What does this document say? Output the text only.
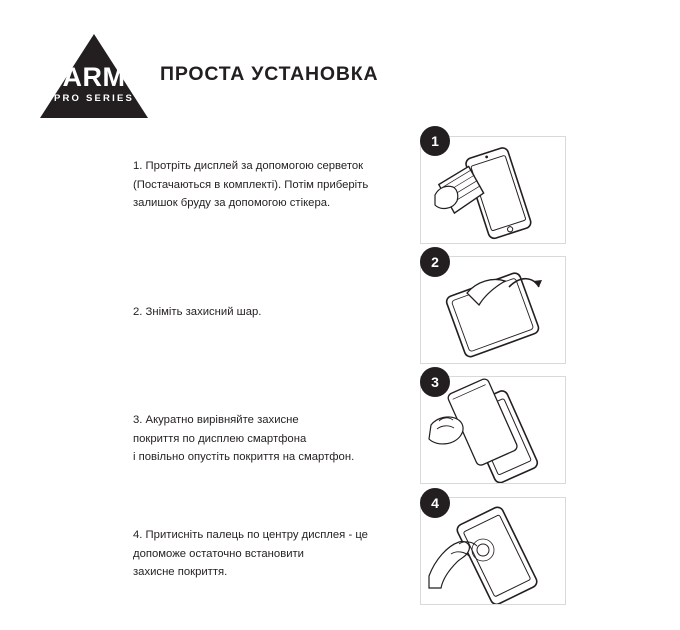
ARM
PRO SERIES
ПРОСТА УСТАНОВКА
1. Протріть дисплей за допомогою серветок
(Постачаються в комплекті). Потім приберіть
залишок бруду за допомогою стікера.
1
2. Зніміть захисний шар.
2
3. Акуратно вирівняйте захисне
покриття по дисплею смартфона
і повільно опустіть покриття на смартфон.
3
4. Притисніть палець по центру дисплея - це
допоможе остаточно встановити
захисне покриття.
4
